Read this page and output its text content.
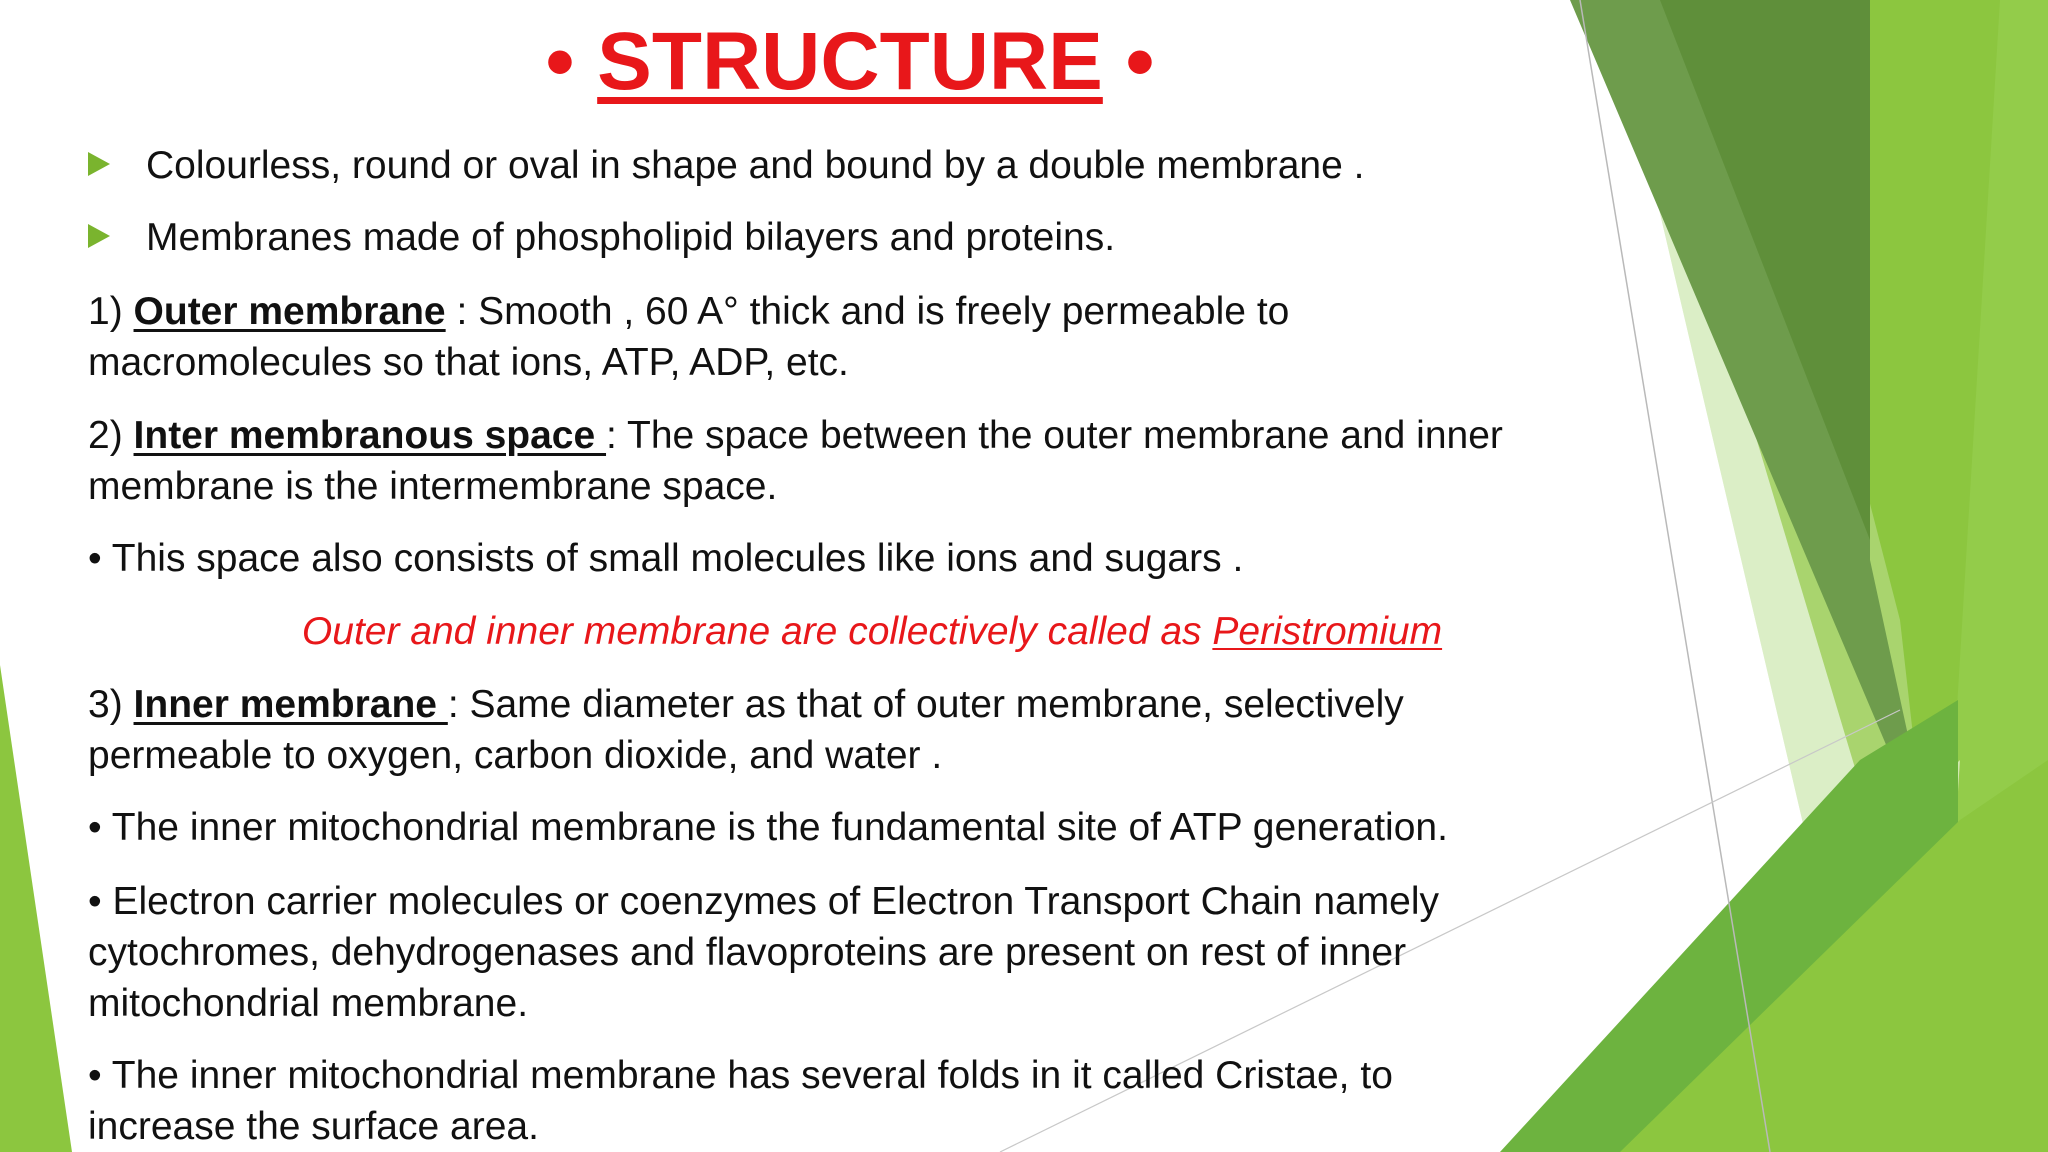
• STRUCTURE •
Colourless, round or oval in shape and bound by a double membrane .
Membranes made of phospholipid bilayers and proteins.
1) Outer membrane : Smooth , 60 A° thick and is freely permeable to
macromolecules so that ions, ATP, ADP, etc.
2) Inter membranous space : The space between the outer membrane and inner
membrane is the intermembrane space.
• This space also consists of small molecules like ions and sugars .
Outer and inner membrane are collectively called as Peristromium
3) Inner membrane : Same diameter as that of outer membrane, selectively
permeable to oxygen, carbon dioxide, and water .
• The inner mitochondrial membrane is the fundamental site of ATP generation.
• Electron carrier molecules or coenzymes of Electron Transport Chain namely
cytochromes, dehydrogenases and flavoproteins are present on rest of inner
mitochondrial membrane.
• The inner mitochondrial membrane has several folds in it called Cristae, to
increase the surface area.
